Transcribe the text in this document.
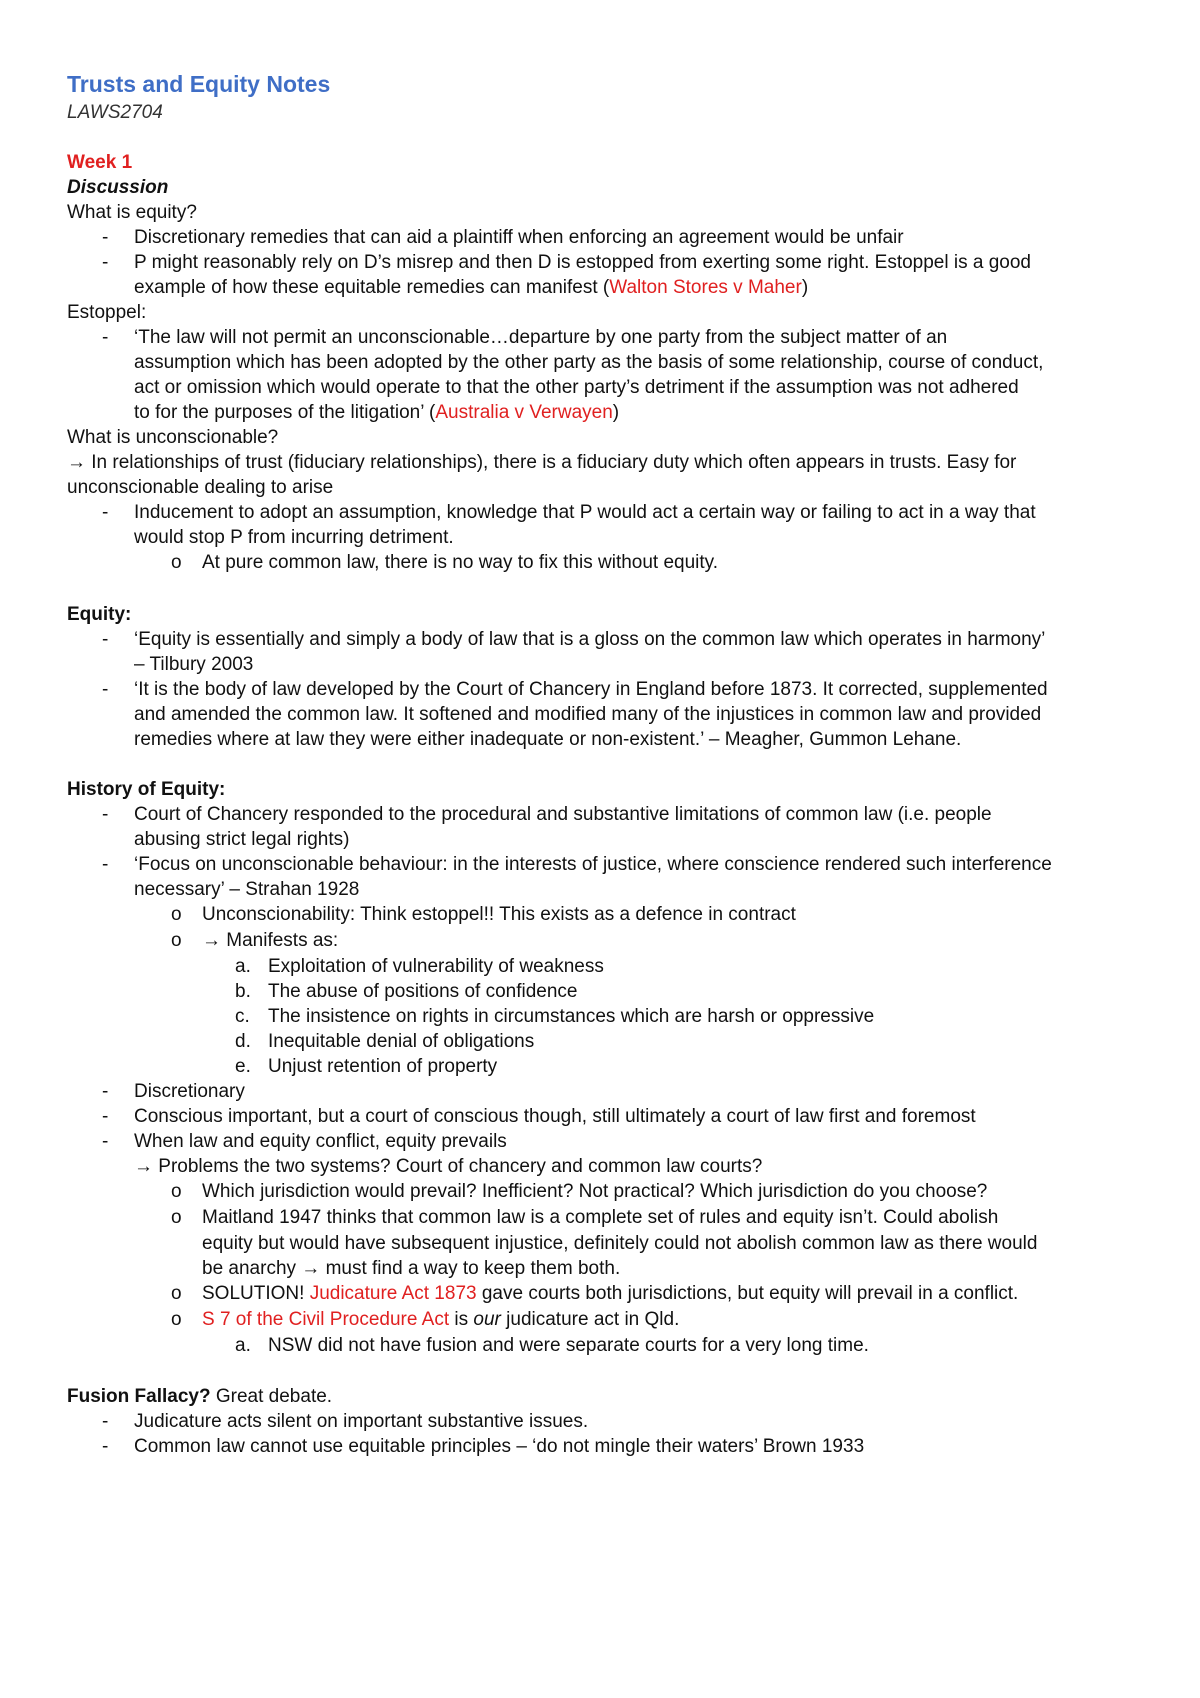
Trusts and Equity Notes
LAWS2704
Week 1
Discussion
What is equity?
- Discretionary remedies that can aid a plaintiff when enforcing an agreement would be unfair
- P might reasonably rely on D’s misrep and then D is estopped from exerting some right. Estoppel is a good
example of how these equitable remedies can manifest (Walton Stores v Maher)
Estoppel:
- ‘The law will not permit an unconscionable…departure by one party from the subject matter of an
assumption which has been adopted by the other party as the basis of some relationship, course of conduct,
act or omission which would operate to that the other party’s detriment if the assumption was not adhered
to for the purposes of the litigation’ (Australia v Verwayen)
What is unconscionable?
→ In relationships of trust (fiduciary relationships), there is a fiduciary duty which often appears in trusts. Easy for
unconscionable dealing to arise
- Inducement to adopt an assumption, knowledge that P would act a certain way or failing to act in a way that
would stop P from incurring detriment.
o At pure common law, there is no way to fix this without equity.
Equity:
- ‘Equity is essentially and simply a body of law that is a gloss on the common law which operates in harmony’
– Tilbury 2003
- ‘It is the body of law developed by the Court of Chancery in England before 1873. It corrected, supplemented
and amended the common law. It softened and modified many of the injustices in common law and provided
remedies where at law they were either inadequate or non-existent.’ – Meagher, Gummon Lehane.
History of Equity:
- Court of Chancery responded to the procedural and substantive limitations of common law (i.e. people
abusing strict legal rights)
- ‘Focus on unconscionable behaviour: in the interests of justice, where conscience rendered such interference
necessary’ – Strahan 1928
o Unconscionability: Think estoppel!! This exists as a defence in contract
o → Manifests as:
a. Exploitation of vulnerability of weakness
b. The abuse of positions of confidence
c. The insistence on rights in circumstances which are harsh or oppressive
d. Inequitable denial of obligations
e. Unjust retention of property
- Discretionary
- Conscious important, but a court of conscious though, still ultimately a court of law first and foremost
- When law and equity conflict, equity prevails
→ Problems the two systems? Court of chancery and common law courts?
o Which jurisdiction would prevail? Inefficient? Not practical? Which jurisdiction do you choose?
o Maitland 1947 thinks that common law is a complete set of rules and equity isn’t. Could abolish
equity but would have subsequent injustice, definitely could not abolish common law as there would
be anarchy → must find a way to keep them both.
o SOLUTION! Judicature Act 1873 gave courts both jurisdictions, but equity will prevail in a conflict.
o S 7 of the Civil Procedure Act is our judicature act in Qld.
a. NSW did not have fusion and were separate courts for a very long time.
Fusion Fallacy? Great debate.
- Judicature acts silent on important substantive issues.
- Common law cannot use equitable principles – ‘do not mingle their waters’ Brown 1933
